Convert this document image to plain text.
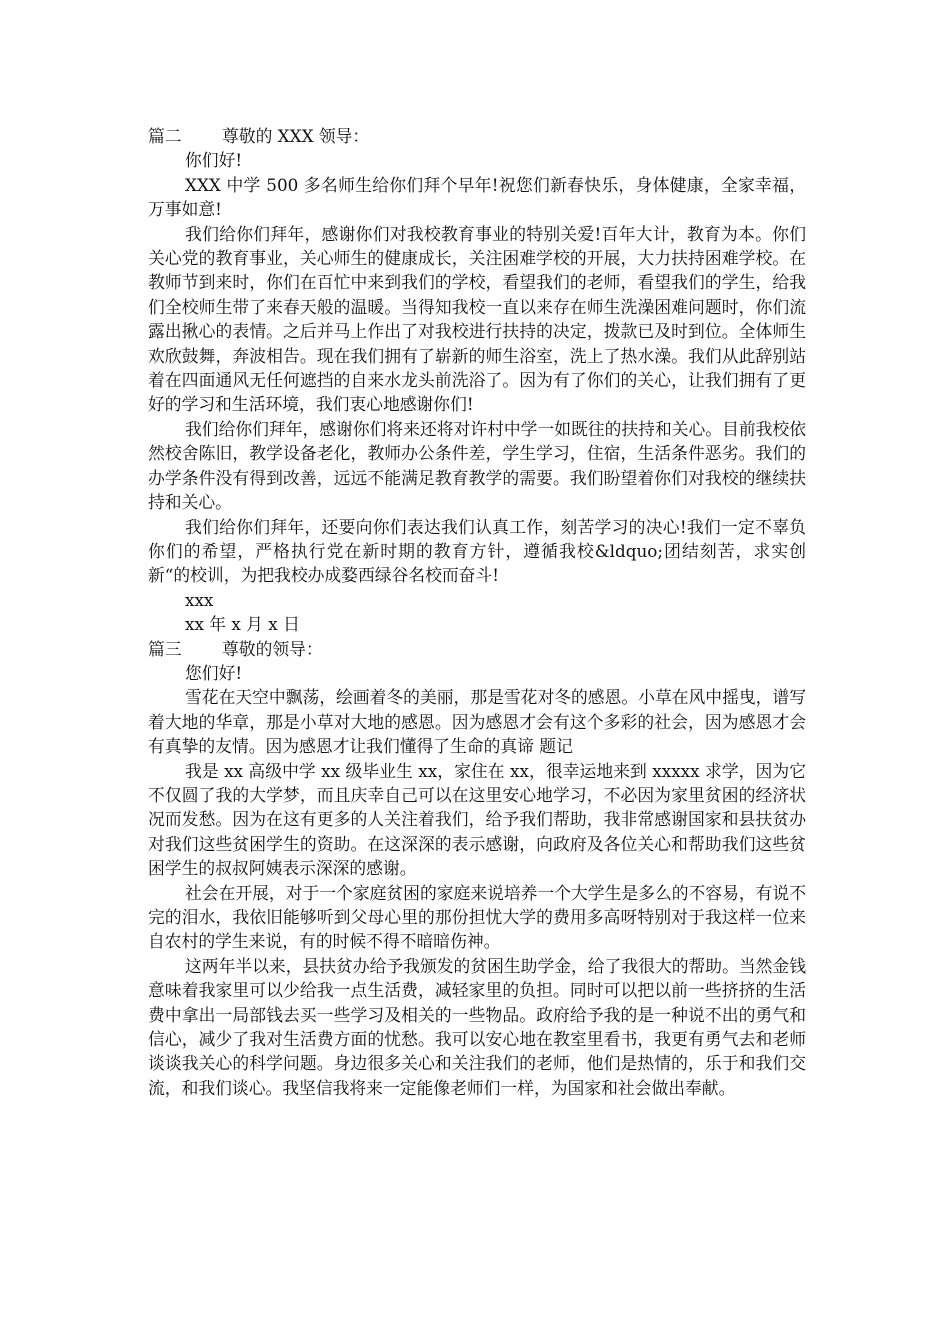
篇二 尊敬的 XXX 领导：

你们好!

XXX 中学 500 多名师生给你们拜个早年!祝您们新春快乐，身体健康，全家幸福，万事如意!

我们给你们拜年，感谢你们对我校教育事业的特别关爱!百年大计，教育为本。你们关心党的教育事业，关心师生的健康成长，关注困难学校的开展，大力扶持困难学校。在教师节到来时，你们在百忙中来到我们的学校，看望我们的老师，看望我们的学生，给我们全校师生带了来春天般的温暖。当得知我校一直以来存在师生洗澡困难问题时，你们流露出揪心的表情。之后并马上作出了对我校进行扶持的决定，拨款已及时到位。全体师生欢欣鼓舞，奔波相告。现在我们拥有了崭新的师生浴室，洗上了热水澡。我们从此辞别站着在四面通风无任何遮挡的自来水龙头前洗浴了。因为有了你们的关心，让我们拥有了更好的学习和生活环境，我们衷心地感谢你们!

我们给你们拜年，感谢你们将来还将对许村中学一如既往的扶持和关心。目前我校依然校舍陈旧，教学设备老化，教师办公条件差，学生学习，住宿，生活条件恶劣。我们的办学条件没有得到改善，远远不能满足教育教学的需要。我们盼望着你们对我校的继续扶持和关心。

我们给你们拜年，还要向你们表达我们认真工作，刻苦学习的决心!我们一定不辜负你们的希望，严格执行党在新时期的教育方针，遵循我校&ldquo;团结刻苦，求实创新“的校训，为把我校办成婺西绿谷名校而奋斗!

xxx

xx 年 x 月 x 日

篇三 尊敬的领导：

您们好!

雪花在天空中飘荡，绘画着冬的美丽，那是雪花对冬的感恩。小草在风中摇曳，谱写着大地的华章，那是小草对大地的感恩。因为感恩才会有这个多彩的社会，因为感恩才会有真挚的友情。因为感恩才让我们懂得了生命的真谛 题记

我是 xx 高级中学 xx 级毕业生 xx，家住在 xx，很幸运地来到 xxxxx 求学，因为它不仅圆了我的大学梦，而且庆幸自己可以在这里安心地学习，不必因为家里贫困的经济状况而发愁。因为在这有更多的人关注着我们，给予我们帮助，我非常感谢国家和县扶贫办对我们这些贫困学生的资助。在这深深的表示感谢，向政府及各位关心和帮助我们这些贫困学生的叔叔阿姨表示深深的感谢。

社会在开展，对于一个家庭贫困的家庭来说培养一个大学生是多么的不容易，有说不完的泪水，我依旧能够听到父母心里的那份担忧大学的费用多高呀特别对于我这样一位来自农村的学生来说，有的时候不得不暗暗伤神。

这两年半以来，县扶贫办给予我颁发的贫困生助学金，给了我很大的帮助。当然金钱意味着我家里可以少给我一点生活费，减轻家里的负担。同时可以把以前一些挤挤的生活费中拿出一局部钱去买一些学习及相关的一些物品。政府给予我的是一种说不出的勇气和信心，减少了我对生活费方面的忧愁。我可以安心地在教室里看书，我更有勇气去和老师谈谈我关心的科学问题。身边很多关心和关注我们的老师，他们是热情的，乐于和我们交流，和我们谈心。我坚信我将来一定能像老师们一样，为国家和社会做出奉献。
